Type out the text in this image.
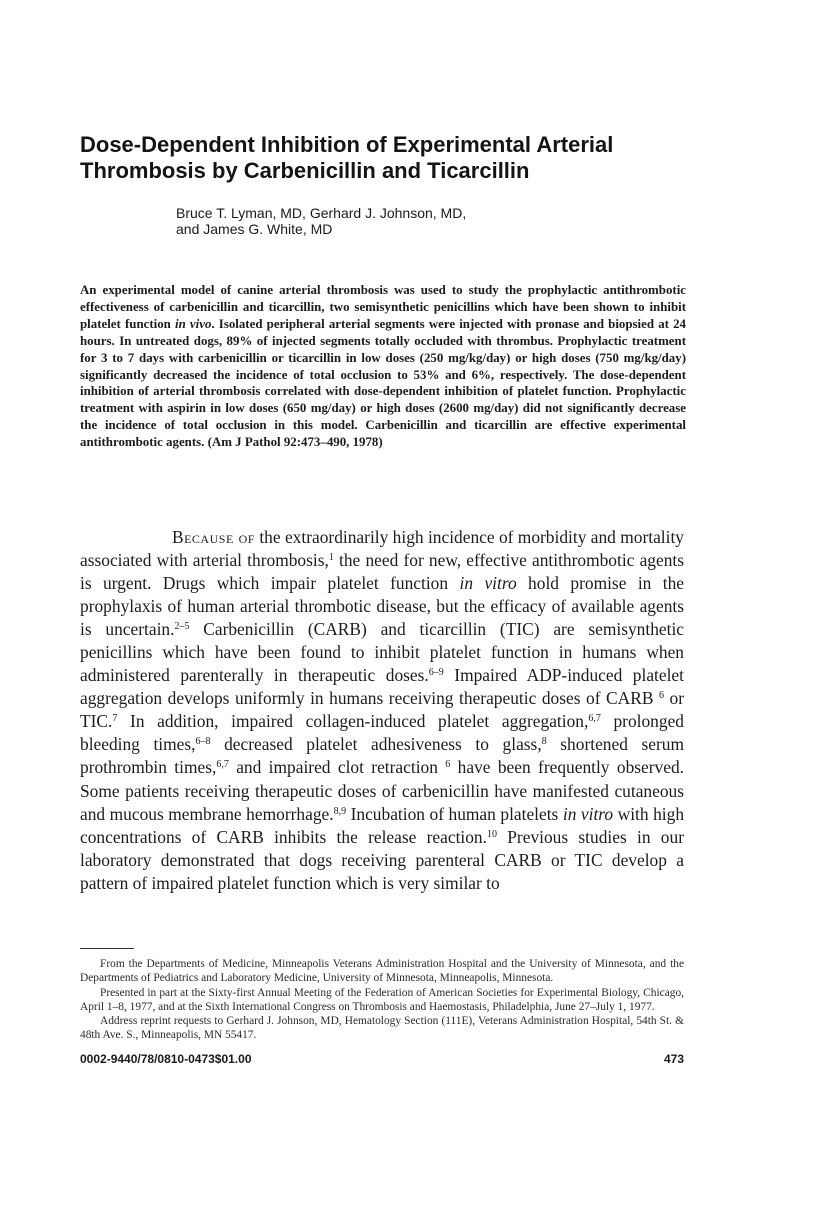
Dose-Dependent Inhibition of Experimental Arterial
Thrombosis by Carbenicillin and Ticarcillin
Bruce T. Lyman, MD, Gerhard J. Johnson, MD,
and James G. White, MD

An experimental model of canine arterial thrombosis was used to study the prophylactic antithrombotic effectiveness of carbenicillin and ticarcillin, two semisynthetic penicillins which have been shown to inhibit platelet function in vivo. Isolated peripheral arterial segments were injected with pronase and biopsied at 24 hours. In untreated dogs, 89% of injected segments totally occluded with thrombus. Prophylactic treatment for 3 to 7 days with carbenicillin or ticarcillin in low doses (250 mg/kg/day) or high doses (750 mg/kg/day) significantly decreased the incidence of total occlusion to 53% and 6%, respectively. The dose-dependent inhibition of arterial thrombosis correlated with dose-dependent inhibition of platelet function. Prophylactic treatment with aspirin in low doses (650 mg/day) or high doses (2600 mg/day) did not significantly decrease the incidence of total occlusion in this model. Carbenicillin and ticarcillin are effective experimental antithrombotic agents. (Am J Pathol 92:473–490, 1978)

Because of the extraordinarily high incidence of morbidity and mortality associated with arterial thrombosis,$^1$ the need for new, effective antithrombotic agents is urgent. Drugs which impair platelet function in vitro hold promise in the prophylaxis of human arterial thrombotic disease, but the efficacy of available agents is uncertain.$^{2-5}$ Carbenicillin (CARB) and ticarcillin (TIC) are semisynthetic penicillins which have been found to inhibit platelet function in humans when administered parenterally in therapeutic doses.$^{6-9}$ Impaired ADP-induced platelet aggregation develops uniformly in humans receiving therapeutic doses of CARB $^6$ or TIC.$^7$ In addition, impaired collagen-induced platelet aggregation,$^{6,7}$ prolonged bleeding times,$^{6-8}$ decreased platelet adhesiveness to glass,$^8$ shortened serum prothrombin times,$^{6,7}$ and impaired clot retraction $^6$ have been frequently observed. Some patients receiving therapeutic doses of carbenicillin have manifested cutaneous and mucous membrane hemorrhage.$^{8,9}$ Incubation of human platelets in vitro with high concentrations of CARB inhibits the release reaction.$^{10}$ Previous studies in our laboratory demonstrated that dogs receiving parenteral CARB or TIC develop a pattern of impaired platelet function which is very similar to

From the Departments of Medicine, Minneapolis Veterans Administration Hospital and the University of Minnesota, and the Departments of Pediatrics and Laboratory Medicine, University of Minnesota, Minneapolis, Minnesota.

Presented in part at the Sixty-first Annual Meeting of the Federation of American Societies for Experimental Biology, Chicago, April 1–8, 1977, and at the Sixth International Congress on Thrombosis and Haemostasis, Philadelphia, June 27–July 1, 1977.

Address reprint requests to Gerhard J. Johnson, MD, Hematology Section (111E), Veterans Administration Hospital, 54th St. & 48th Ave. S., Minneapolis, MN 55417.

0002-9440/78/0810-0473$01.00	473
